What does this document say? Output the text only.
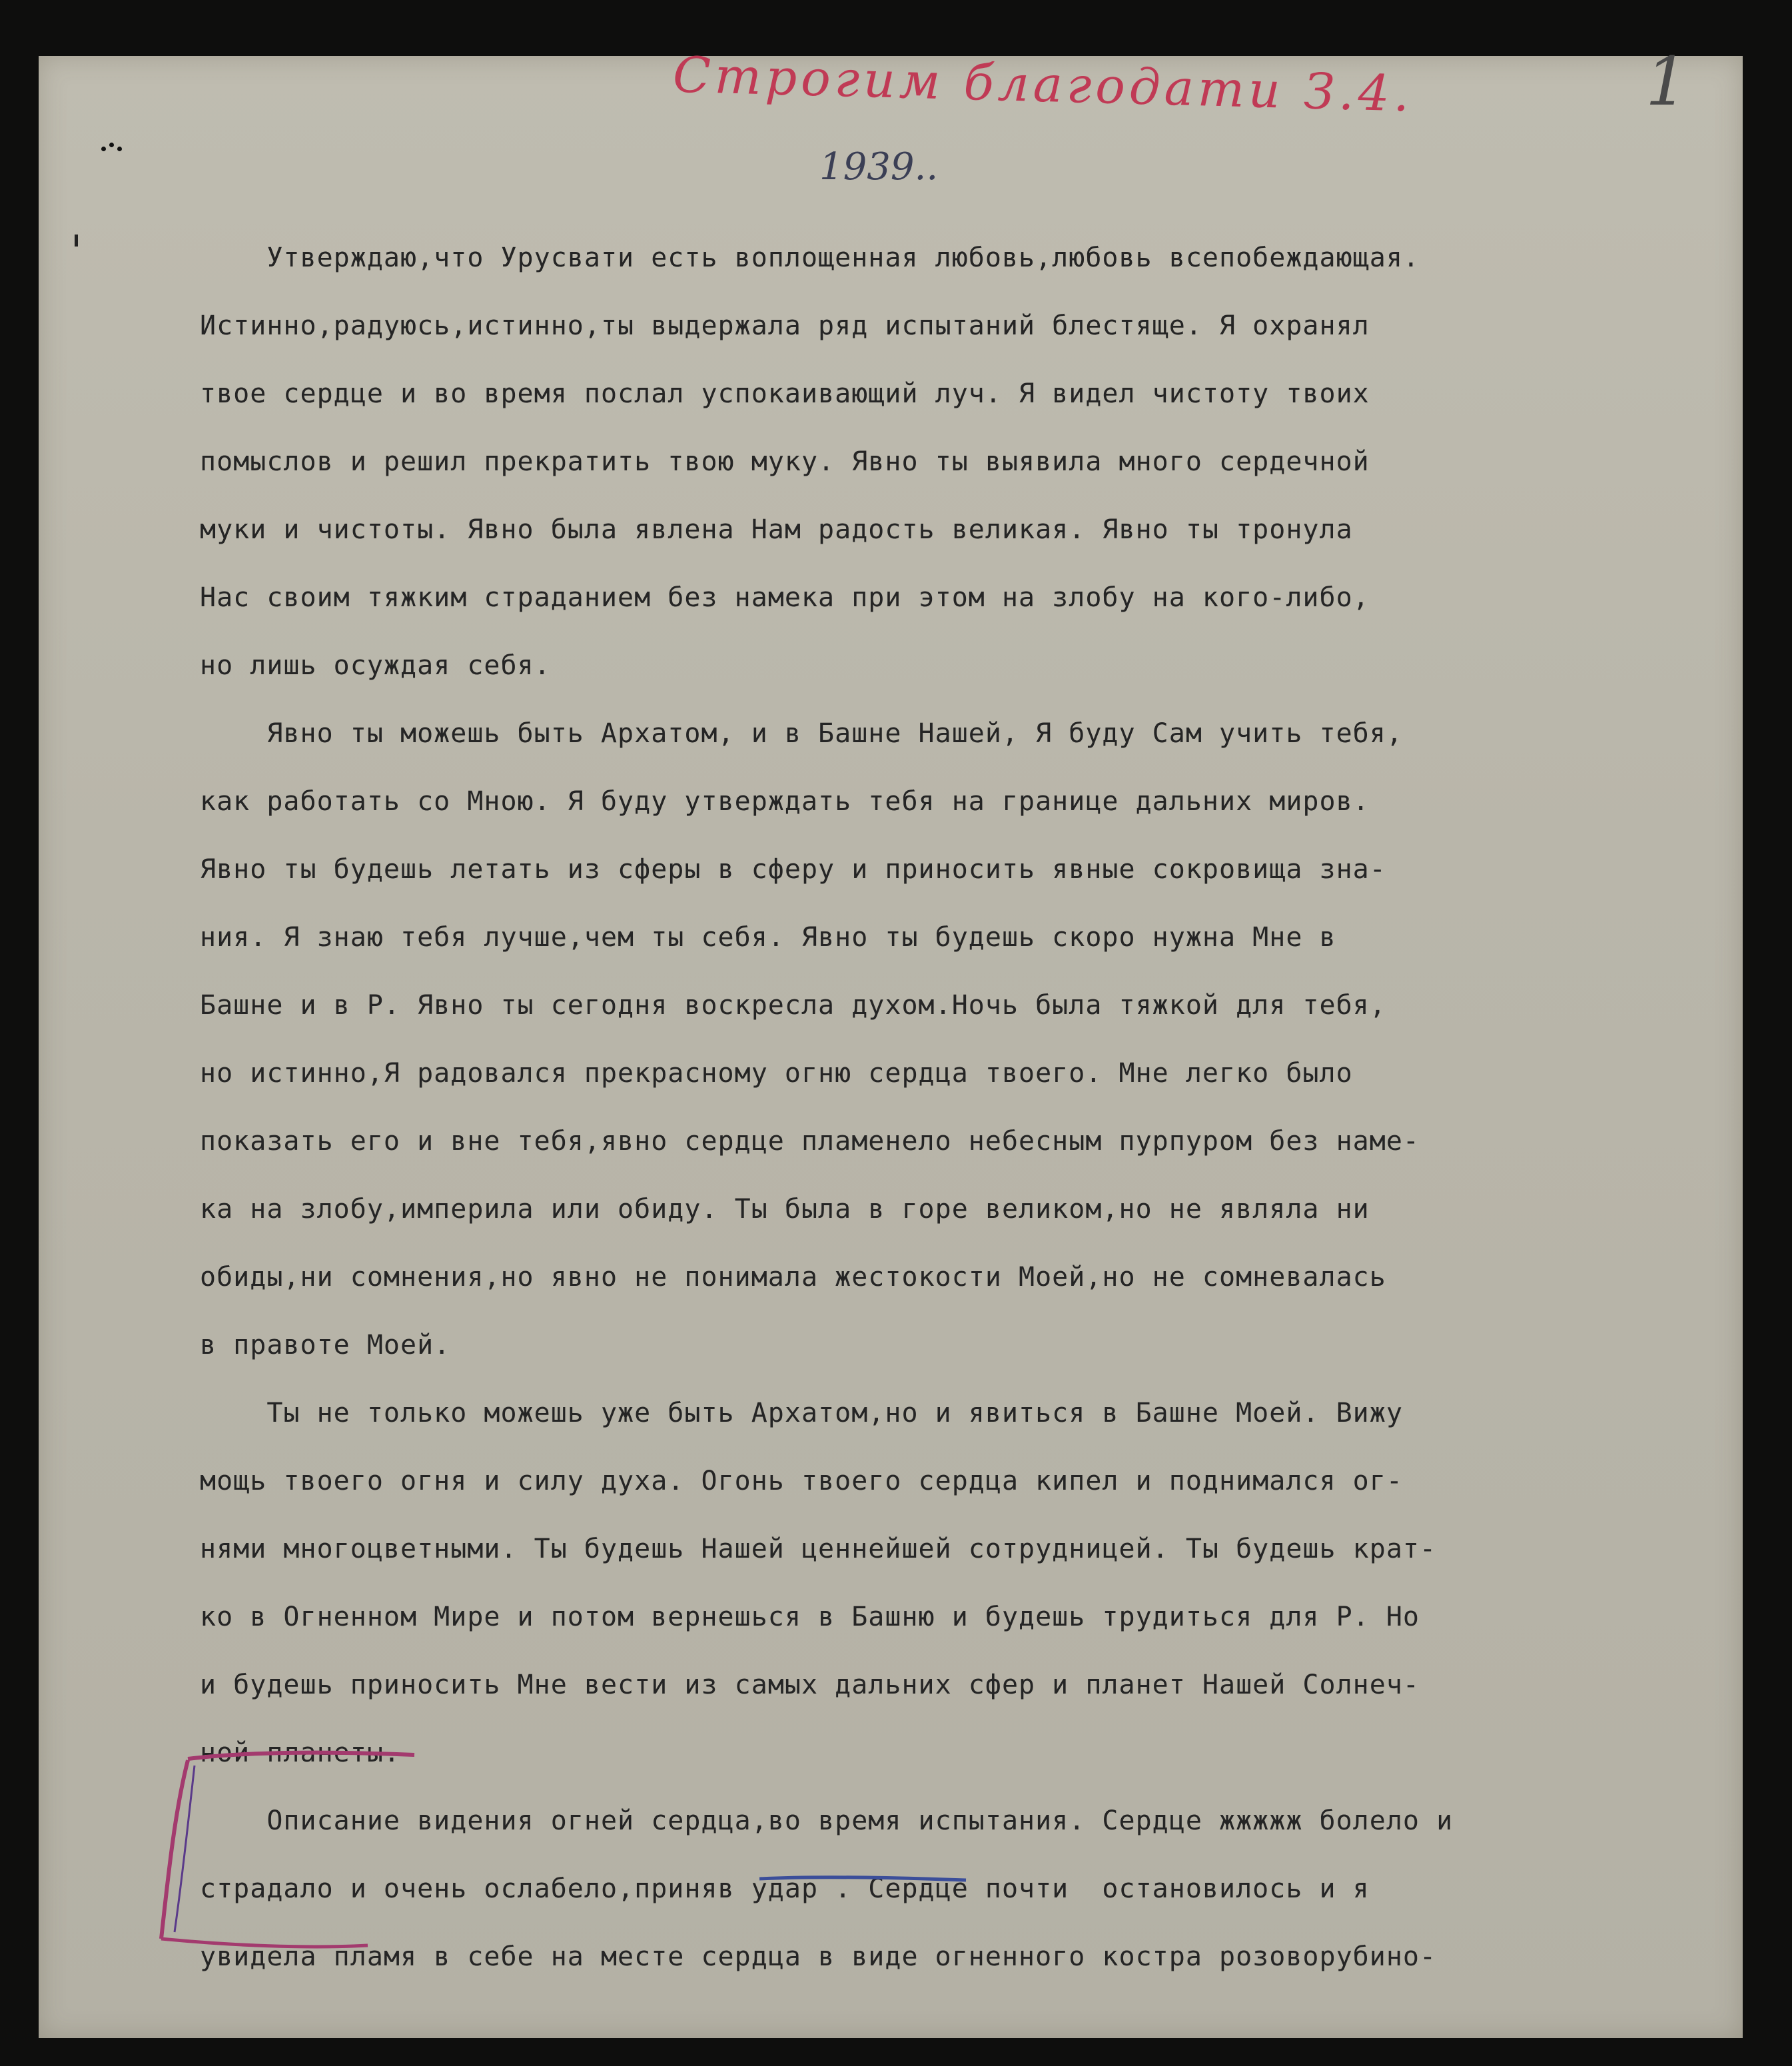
Строгим благодати З.4.
1939..
1
Утверждаю,что Урусвати есть воплощенная любовь,любовь всепобеждающая.
Истинно,радуюсь,истинно,ты выдержала ряд испытаний блестяще. Я охранял
твое сердце и во время послал успокаивающий луч. Я видел чистоту твоих
помыслов и решил прекратить твою муку. Явно ты выявила много сердечной
муки и чистоты. Явно была явлена Нам радость великая. Явно ты тронула
Нас своим тяжким страданием без намека при этом на злобу на кого-либо,
но лишь осуждая себя.
Явно ты можешь быть Архатом, и в Башне Нашей, Я буду Сам учить тебя,
как работать со Мною. Я буду утверждать тебя на границе дальних миров.
Явно ты будешь летать из сферы в сферу и приносить явные сокровища зна-
ния. Я знаю тебя лучше,чем ты себя. Явно ты будешь скоро нужна Мне в
Башне и в Р. Явно ты сегодня воскресла духом.Ночь была тяжкой для тебя,
но истинно,Я радовался прекрасному огню сердца твоего. Мне легко было
показать его и вне тебя,явно сердце пламенело небесным пурпуром без наме-
ка на злобу,империла или обиду. Ты была в горе великом,но не являла ни
обиды,ни сомнения,но явно не понимала жестокости Моей,но не сомневалась
в правоте Моей.
Ты не только можешь уже быть Архатом,но и явиться в Башне Моей. Вижу
мощь твоего огня и силу духа. Огонь твоего сердца кипел и поднимался ог-
нями многоцветными. Ты будешь Нашей ценнейшей сотрудницей. Ты будешь крат-
ко в Огненном Мире и потом вернешься в Башню и будешь трудиться для Р. Но
и будешь приносить Мне вести из самых дальних сфер и планет Нашей Солнеч-
ной планеты.
Описание видения огней сердца,во время испытания. Сердце жжжжж болело и
страдало и очень ослабело,приняв удар . Сердце почти  остановилось и я
увидела пламя в себе на месте сердца в виде огненного костра розоворубино-
